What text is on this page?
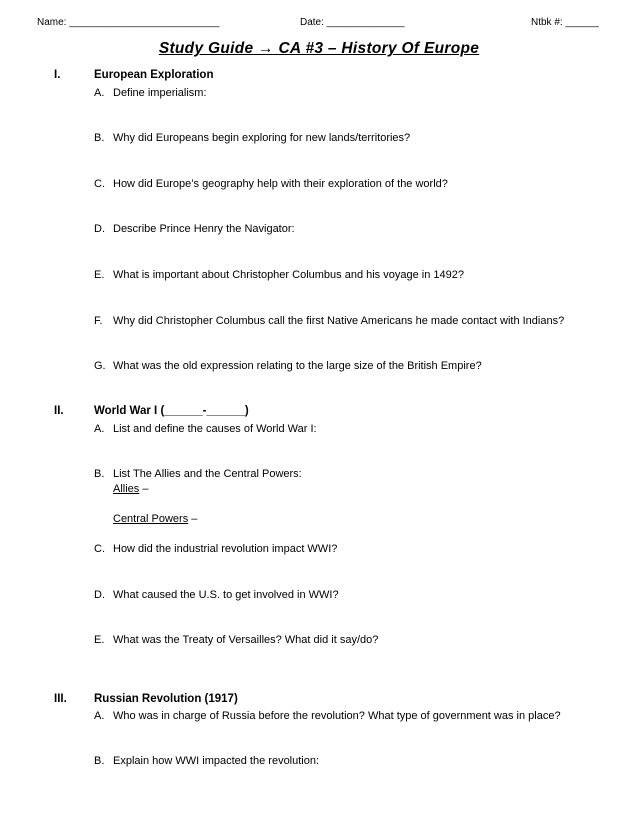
Name: ___________________________	Date: ______________	Ntbk #: ______
Study Guide → CA #3 – History Of Europe
I.	European Exploration
A. Define imperialism:
B. Why did Europeans begin exploring for new lands/territories?
C. How did Europe’s geography help with their exploration of the world?
D. Describe Prince Henry the Navigator:
E. What is important about Christopher Columbus and his voyage in 1492?
F. Why did Christopher Columbus call the first Native Americans he made contact with Indians?
G. What was the old expression relating to the large size of the British Empire?
II.	World War I (______-______)
A. List and define the causes of World War I:
B. List The Allies and the Central Powers:
Allies –
Central Powers –
C. How did the industrial revolution impact WWI?
D. What caused the U.S. to get involved in WWI?
E. What was the Treaty of Versailles? What did it say/do?
III. Russian Revolution (1917)
A. Who was in charge of Russia before the revolution? What type of government was in place?
B. Explain how WWI impacted the revolution:
